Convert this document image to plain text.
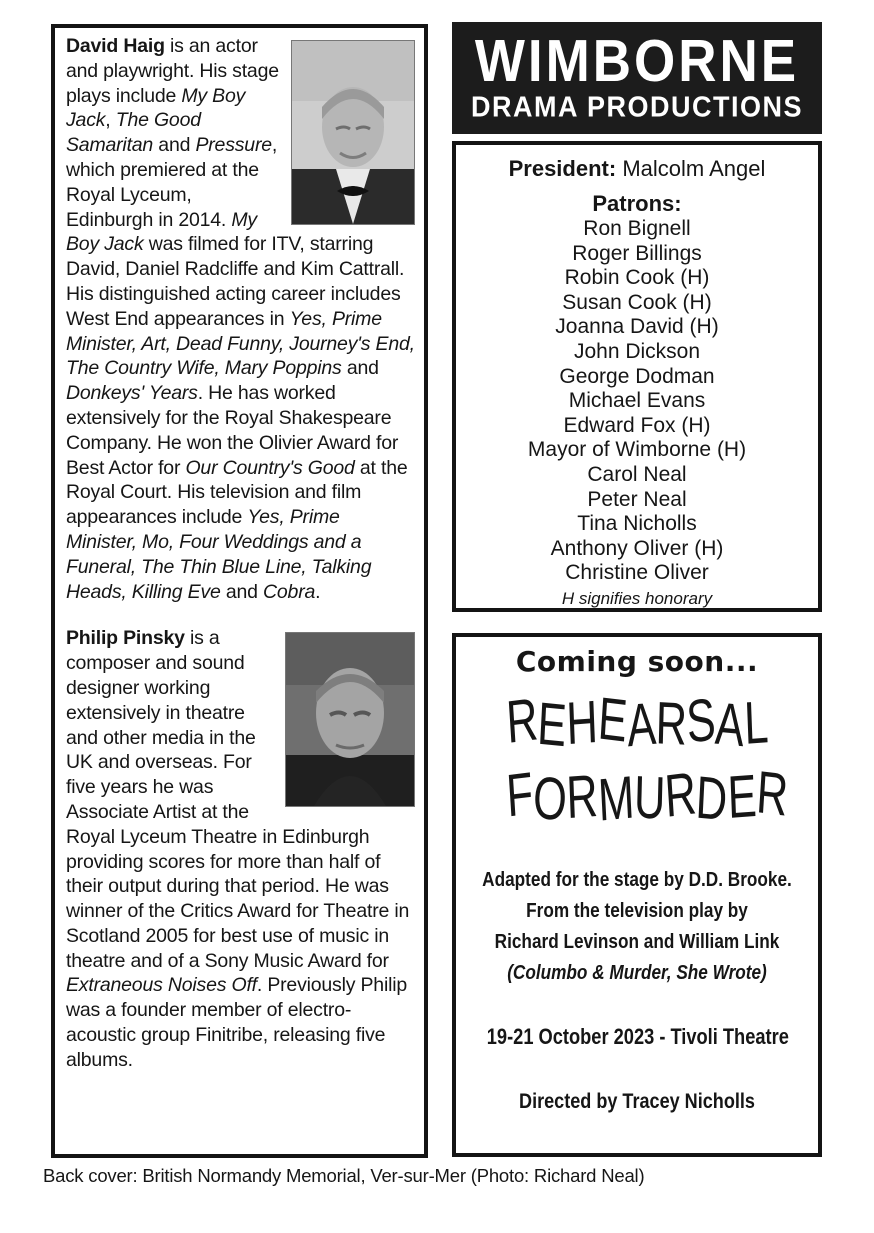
David Haig is an actor and playwright. His stage plays include My Boy Jack, The Good Samaritan and Pressure, which premiered at the Royal Lyceum, Edinburgh in 2014. My Boy Jack was filmed for ITV, starring David, Daniel Radcliffe and Kim Cattrall. His distinguished acting career includes West End appearances in Yes, Prime Minister, Art, Dead Funny, Journey's End, The Country Wife, Mary Poppins and Donkeys' Years. He has worked extensively for the Royal Shakespeare Company. He won the Olivier Award for Best Actor for Our Country's Good at the Royal Court. His television and film appearances include Yes, Prime Minister, Mo, Four Weddings and a Funeral, The Thin Blue Line, Talking Heads, Killing Eve and Cobra.

Philip Pinsky is a composer and sound designer working extensively in theatre and other media in the UK and overseas. For five years he was Associate Artist at the Royal Lyceum Theatre in Edinburgh providing scores for more than half of their output during that period. He was winner of the Critics Award for Theatre in Scotland 2005 for best use of music in theatre and of a Sony Music Award for Extraneous Noises Off. Previously Philip was a founder member of electro-acoustic group Finitribe, releasing five albums.

WIMBORNE
DRAMA PRODUCTIONS
President: Malcolm Angel
Patrons:
Ron Bignell
Roger Billings
Robin Cook (H)
Susan Cook (H)
Joanna David (H)
John Dickson
George Dodman
Michael Evans
Edward Fox (H)
Mayor of Wimborne (H)
Carol Neal
Peter Neal
Tina Nicholls
Anthony Oliver (H)
Christine Oliver
H signifies honorary
Coming soon...
REHEARSAL
FORMURDER
Adapted for the stage by D.D. Brooke.
From the television play by
Richard Levinson and William Link
(Columbo & Murder, She Wrote)
19-21 October 2023 - Tivoli Theatre
Directed by Tracey Nicholls
Back cover: British Normandy Memorial, Ver-sur-Mer (Photo: Richard Neal)
